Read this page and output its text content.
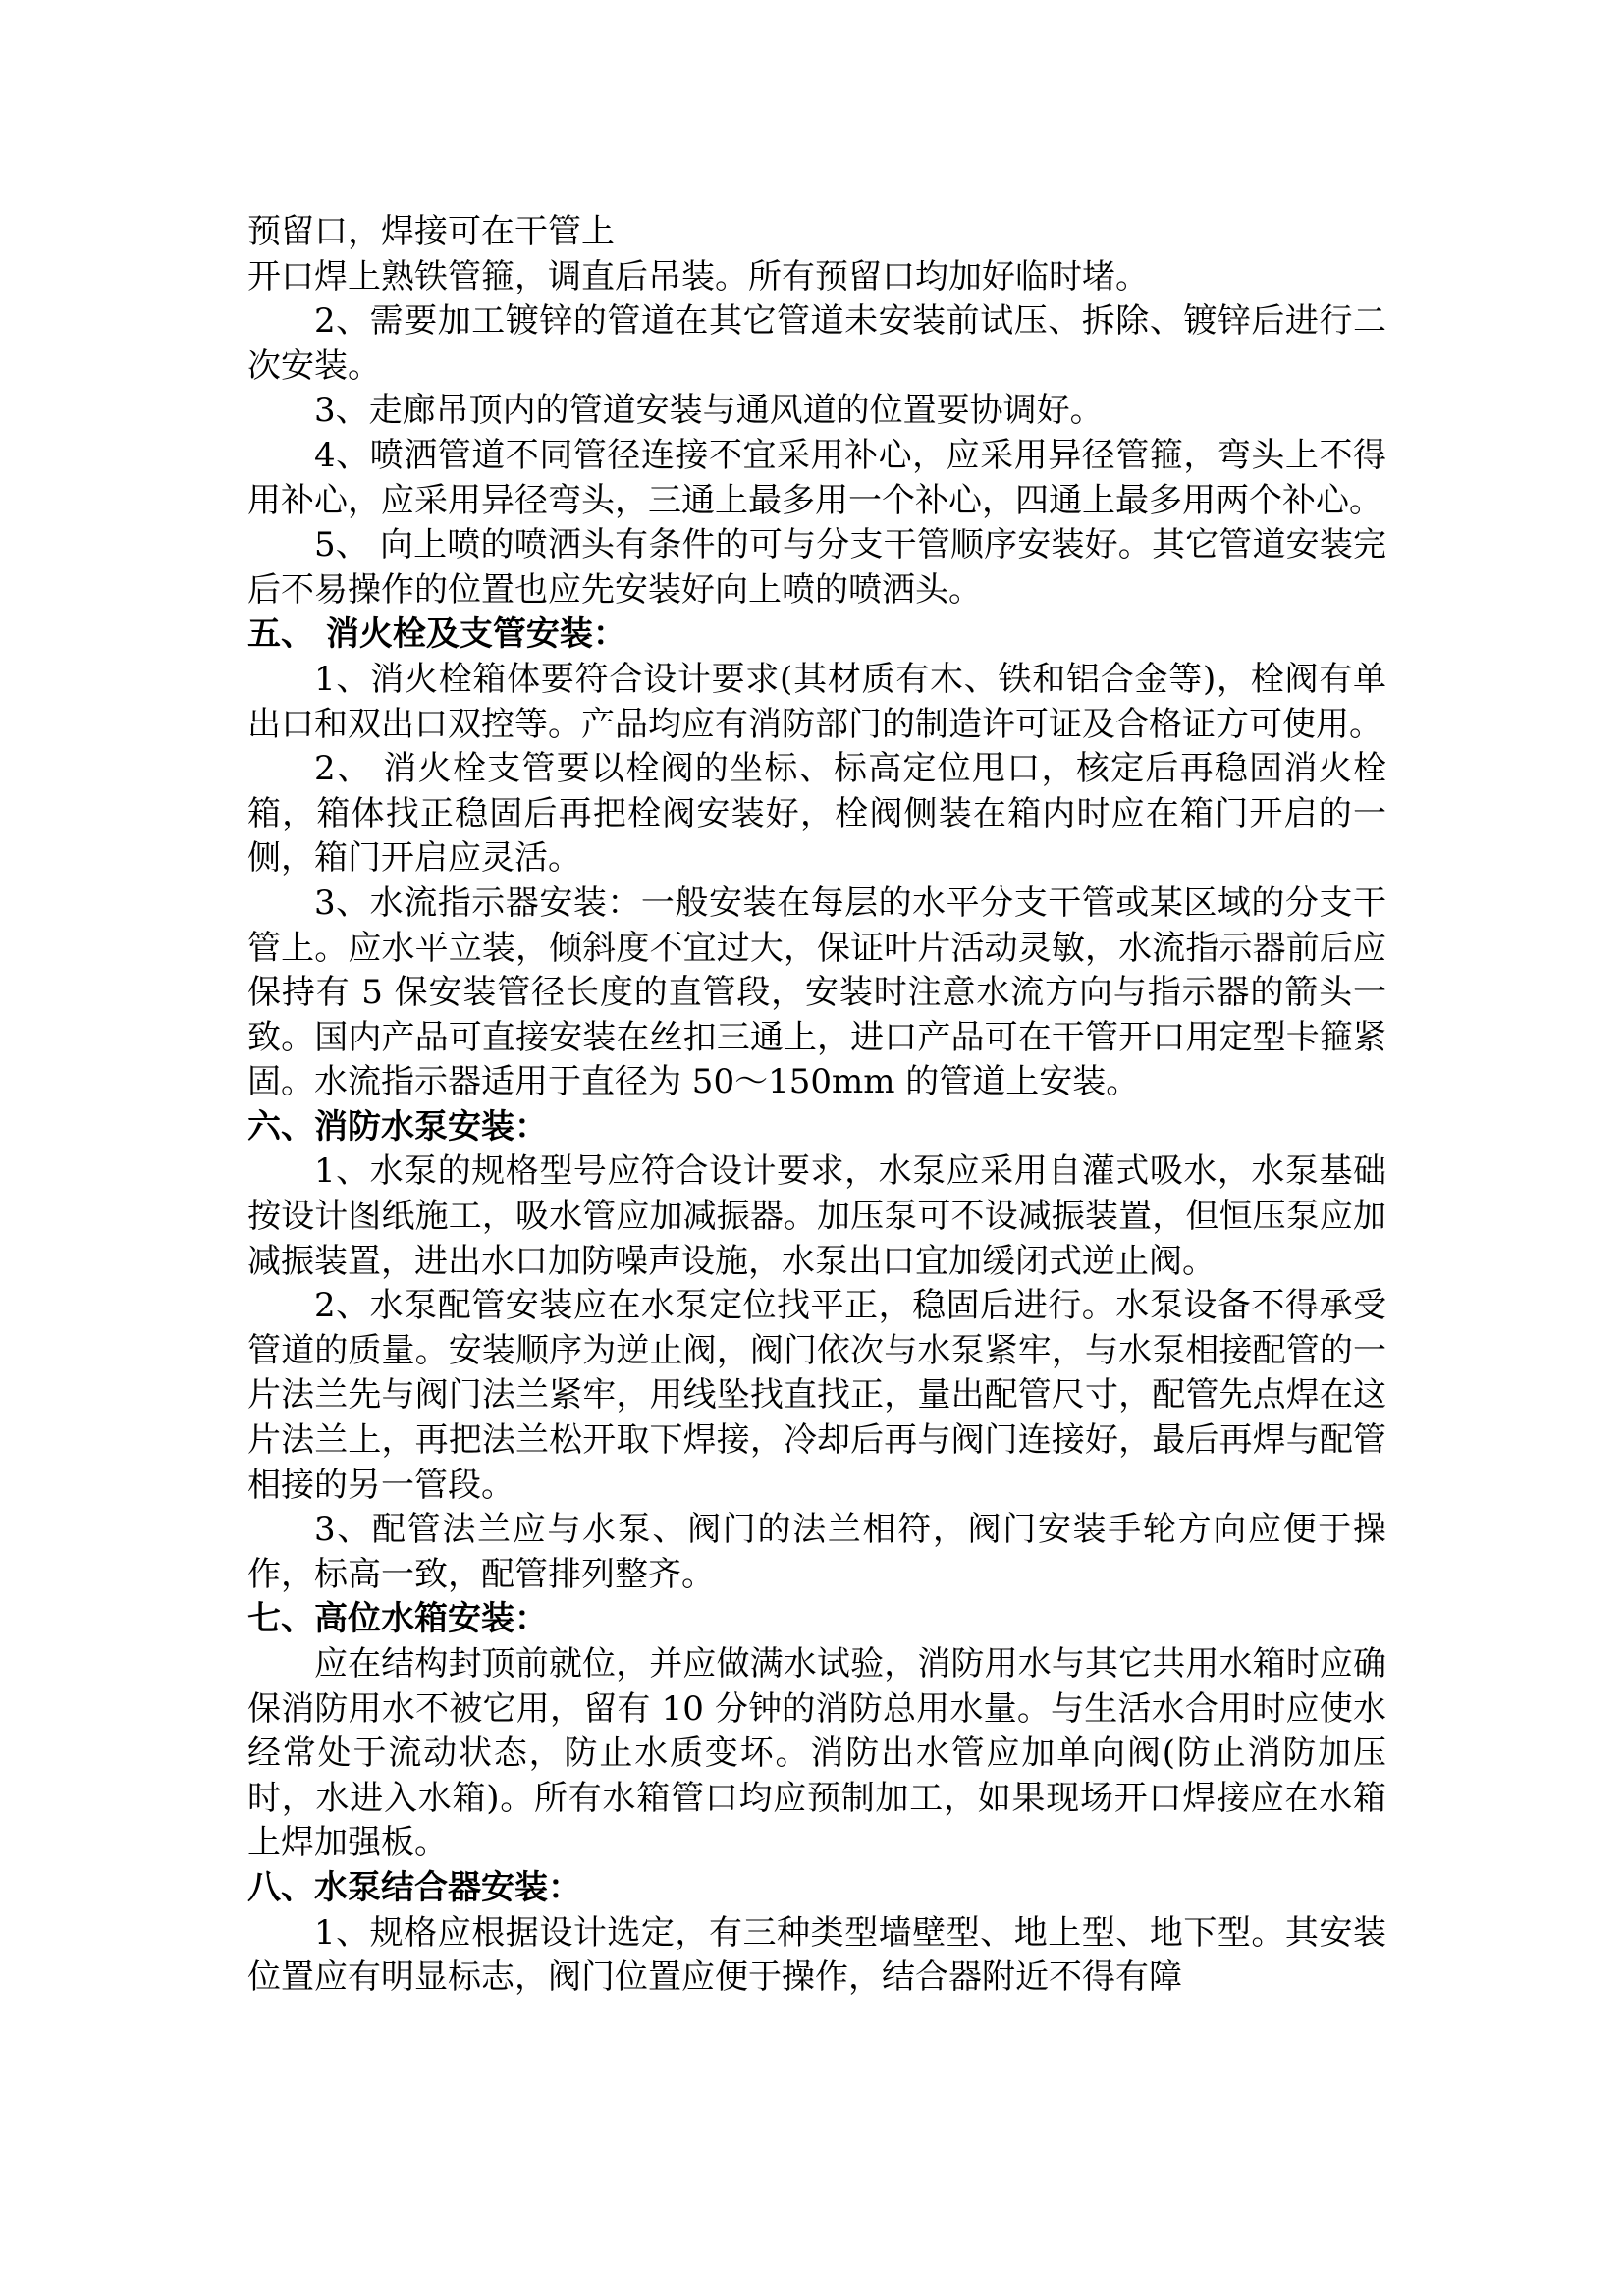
预留口，焊接可在干管上
开口焊上熟铁管箍，调直后吊装。所有预留口均加好临时堵。

2、需要加工镀锌的管道在其它管道未安装前试压、拆除、镀锌后进行二次安装。

3、走廊吊顶内的管道安装与通风道的位置要协调好。

4、喷洒管道不同管径连接不宜采用补心，应采用异径管箍，弯头上不得用补心，应采用异径弯头，三通上最多用一个补心，四通上最多用两个补心。

5、 向上喷的喷洒头有条件的可与分支干管顺序安装好。其它管道安装完后不易操作的位置也应先安装好向上喷的喷洒头。

五、 消火栓及支管安装：

1、消火栓箱体要符合设计要求(其材质有木、铁和铝合金等)，栓阀有单出口和双出口双控等。产品均应有消防部门的制造许可证及合格证方可使用。

2、 消火栓支管要以栓阀的坐标、标高定位甩口，核定后再稳固消火栓箱，箱体找正稳固后再把栓阀安装好，栓阀侧装在箱内时应在箱门开启的一侧，箱门开启应灵活。

3、水流指示器安装：一般安装在每层的水平分支干管或某区域的分支干管上。应水平立装，倾斜度不宜过大，保证叶片活动灵敏，水流指示器前后应保持有 5 保安装管径长度的直管段，安装时注意水流方向与指示器的箭头一致。国内产品可直接安装在丝扣三通上，进口产品可在干管开口用定型卡箍紧固。水流指示器适用于直径为 50～150mm 的管道上安装。

六、消防水泵安装：

1、水泵的规格型号应符合设计要求，水泵应采用自灌式吸水，水泵基础按设计图纸施工，吸水管应加减振器。加压泵可不设减振装置，但恒压泵应加减振装置，进出水口加防噪声设施，水泵出口宜加缓闭式逆止阀。

2、水泵配管安装应在水泵定位找平正，稳固后进行。水泵设备不得承受管道的质量。安装顺序为逆止阀，阀门依次与水泵紧牢，与水泵相接配管的一片法兰先与阀门法兰紧牢，用线坠找直找正，量出配管尺寸，配管先点焊在这片法兰上，再把法兰松开取下焊接，冷却后再与阀门连接好，最后再焊与配管相接的另一管段。

3、配管法兰应与水泵、阀门的法兰相符，阀门安装手轮方向应便于操作，标高一致，配管排列整齐。

七、高位水箱安装：

应在结构封顶前就位，并应做满水试验，消防用水与其它共用水箱时应确保消防用水不被它用，留有 10 分钟的消防总用水量。与生活水合用时应使水经常处于流动状态，防止水质变坏。消防出水管应加单向阀(防止消防加压时，水进入水箱)。所有水箱管口均应预制加工，如果现场开口焊接应在水箱上焊加强板。

八、水泵结合器安装：

1、规格应根据设计选定，有三种类型墙壁型、地上型、地下型。其安装位置应有明显标志，阀门位置应便于操作，结合器附近不得有障
